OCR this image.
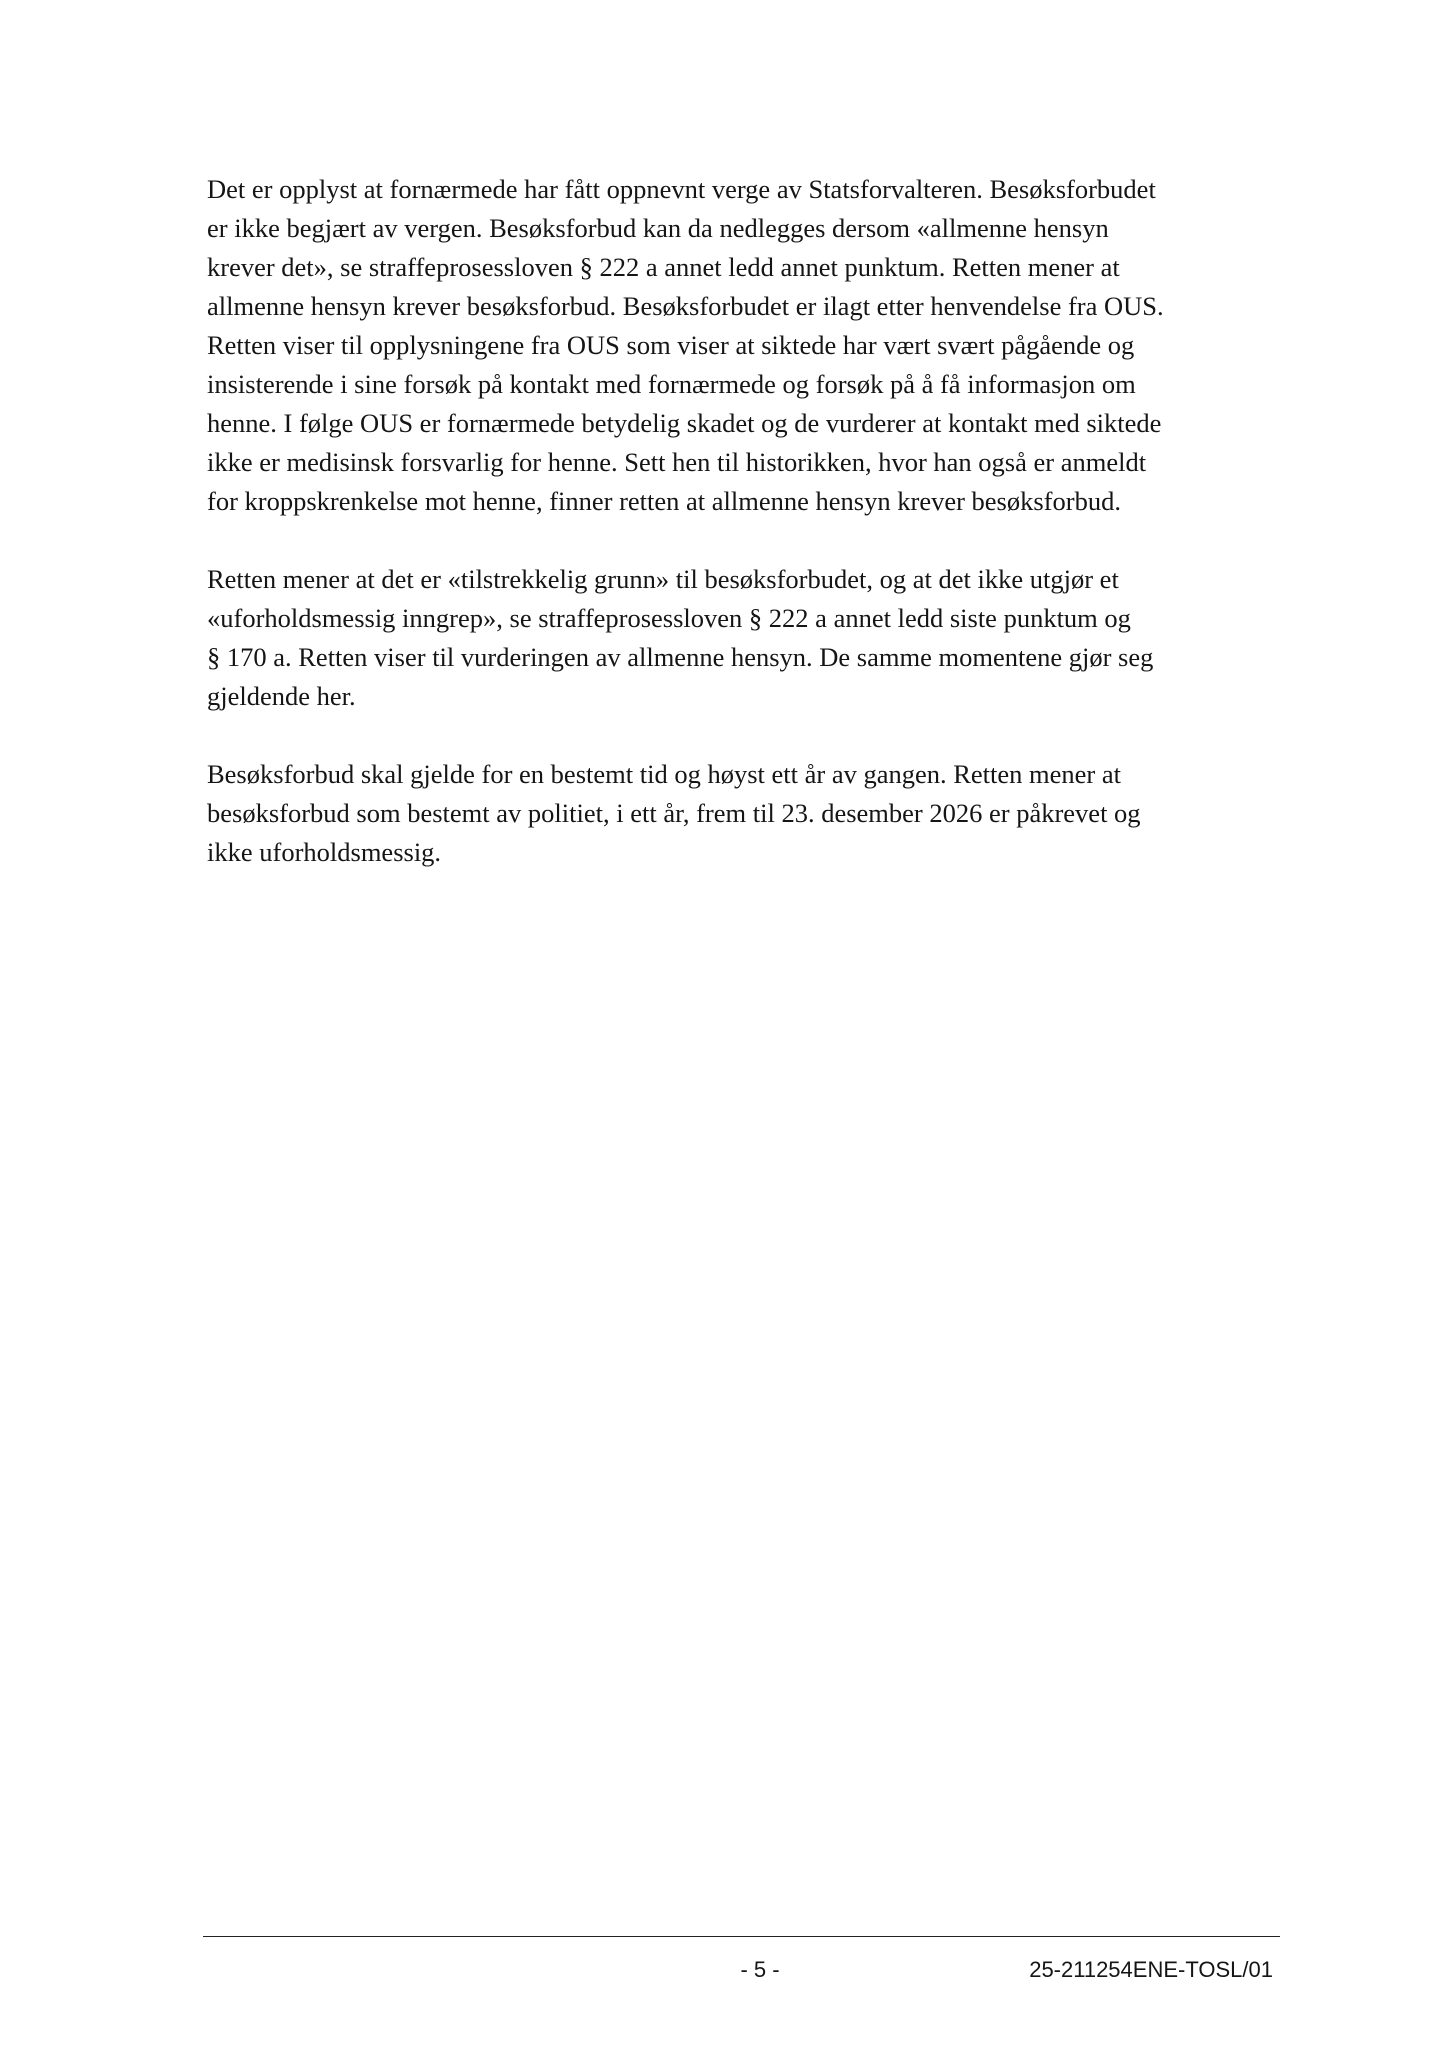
Det er opplyst at fornærmede har fått oppnevnt verge av Statsforvalteren. Besøksforbudet
er ikke begjært av vergen. Besøksforbud kan da nedlegges dersom «allmenne hensyn
krever det», se straffeprosessloven § 222 a annet ledd annet punktum. Retten mener at
allmenne hensyn krever besøksforbud. Besøksforbudet er ilagt etter henvendelse fra OUS.
Retten viser til opplysningene fra OUS som viser at siktede har vært svært pågående og
insisterende i sine forsøk på kontakt med fornærmede og forsøk på å få informasjon om
henne. I følge OUS er fornærmede betydelig skadet og de vurderer at kontakt med siktede
ikke er medisinsk forsvarlig for henne. Sett hen til historikken, hvor han også er anmeldt
for kroppskrenkelse mot henne, finner retten at allmenne hensyn krever besøksforbud.

Retten mener at det er «tilstrekkelig grunn» til besøksforbudet, og at det ikke utgjør et
«uforholdsmessig inngrep», se straffeprosessloven § 222 a annet ledd siste punktum og
§ 170 a. Retten viser til vurderingen av allmenne hensyn. De samme momentene gjør seg
gjeldende her.

Besøksforbud skal gjelde for en bestemt tid og høyst ett år av gangen. Retten mener at
besøksforbud som bestemt av politiet, i ett år, frem til 23. desember 2026 er påkrevet og
ikke uforholdsmessig.

- 5 -	25-211254ENE-TOSL/01
